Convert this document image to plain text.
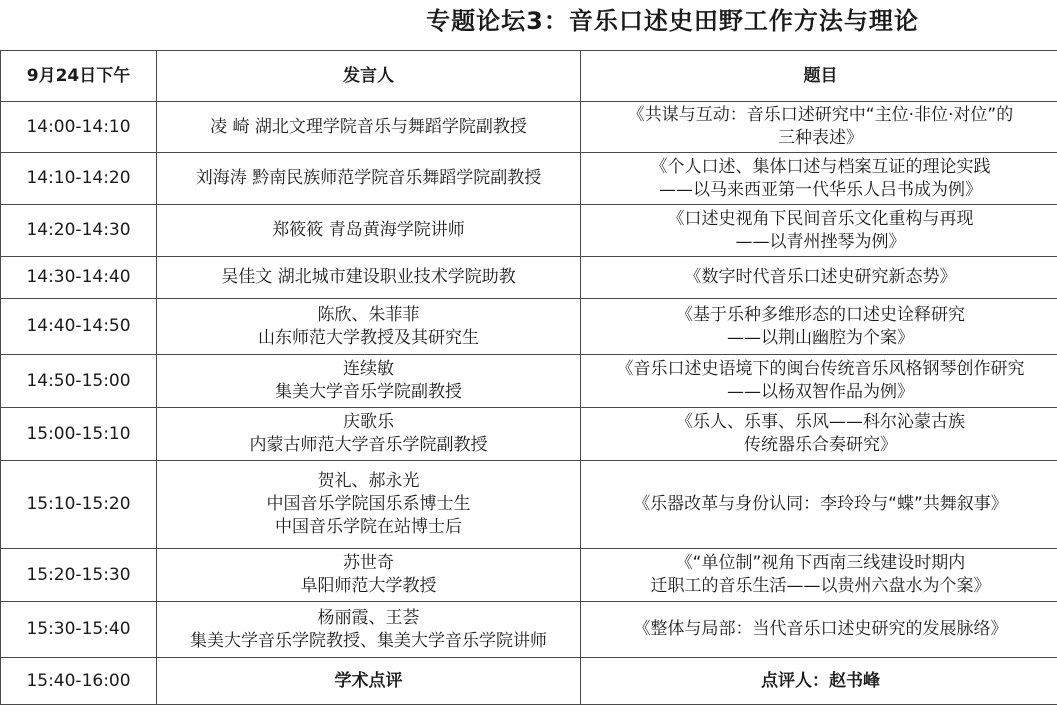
专题论坛3：音乐口述史田野工作方法与理论
9月24日下午	发言人	题目
14:00-14:10	凌 崎 湖北文理学院音乐与舞蹈学院副教授	《共谋与互动：音乐口述研究中“主位·非位·对位”的
三种表述》

14:10-14:20	刘海涛 黔南民族师范学院音乐舞蹈学院副教授	《个人口述、集体口述与档案互证的理论实践
——以马来西亚第一代华乐人吕书成为例》

14:20-14:30	郑筱筱 青岛黄海学院讲师	《口述史视角下民间音乐文化重构与再现
——以青州挫琴为例》

14:30-14:40	吴佳文 湖北城市建设职业技术学院助教	《数字时代音乐口述史研究新态势》

14:40-14:50	陈欣、朱菲菲
山东师范大学教授及其研究生	《基于乐种多维形态的口述史诠释研究
——以荆山幽腔为个案》

14:50-15:00	连续敏
集美大学音乐学院副教授	《音乐口述史语境下的闽台传统音乐风格钢琴创作研究
——以杨双智作品为例》

15:00-15:10	庆歌乐
内蒙古师范大学音乐学院副教授	《乐人、乐事、乐风——科尔沁蒙古族
传统器乐合奏研究》

15:10-15:20	贺礼、郝永光
中国音乐学院国乐系博士生
中国音乐学院在站博士后	《乐器改革与身份认同：李玲玲与“蝶”共舞叙事》

15:20-15:30	苏世奇
阜阳师范大学教授	《“单位制”视角下西南三线建设时期内
迁职工的音乐生活——以贵州六盘水为个案》

15:30-15:40	杨丽霞、王荟
集美大学音乐学院教授、集美大学音乐学院讲师	《整体与局部：当代音乐口述史研究的发展脉络》

15:40-16:00	学术点评	点评人：赵书峰
